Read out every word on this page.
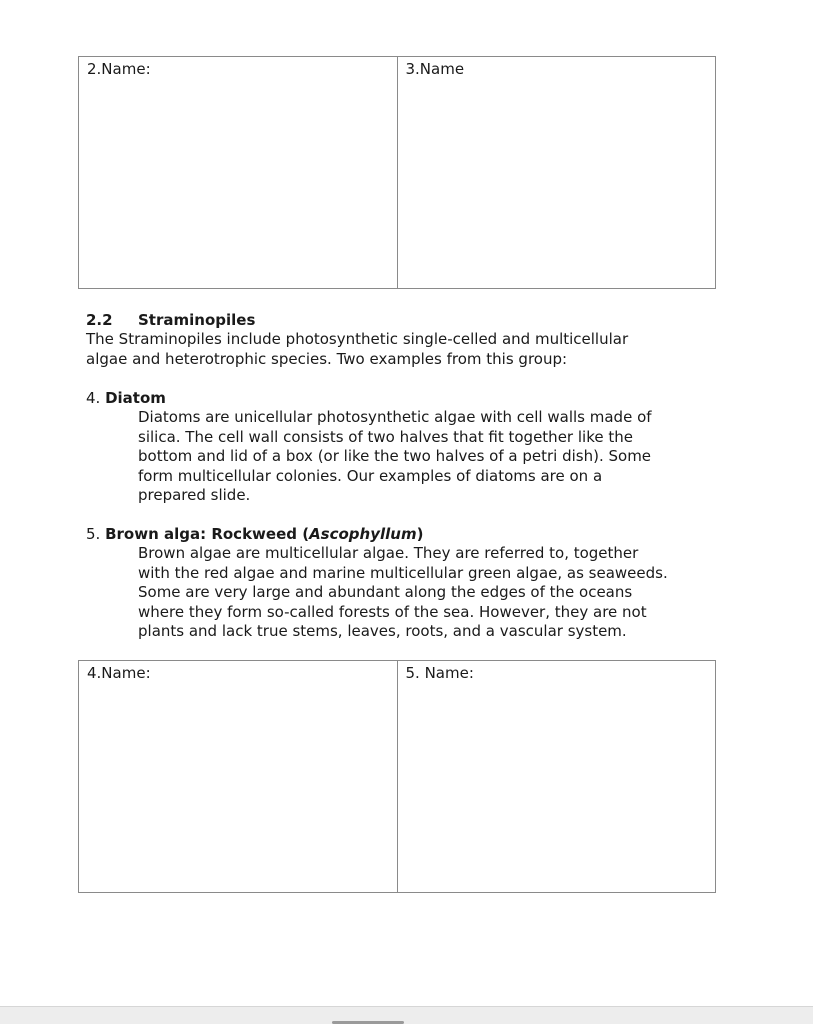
2.Name:	3.Name
2.2 Straminopiles
The Straminopiles include photosynthetic single-celled and multicellular
algae and heterotrophic species. Two examples from this group:
4. Diatom
Diatoms are unicellular photosynthetic algae with cell walls made of
silica. The cell wall consists of two halves that fit together like the
bottom and lid of a box (or like the two halves of a petri dish). Some
form multicellular colonies. Our examples of diatoms are on a
prepared slide.
5. Brown alga: Rockweed (Ascophyllum)
Brown algae are multicellular algae. They are referred to, together
with the red algae and marine multicellular green algae, as seaweeds.
Some are very large and abundant along the edges of the oceans
where they form so-called forests of the sea. However, they are not
plants and lack true stems, leaves, roots, and a vascular system.
4.Name:	5. Name:
